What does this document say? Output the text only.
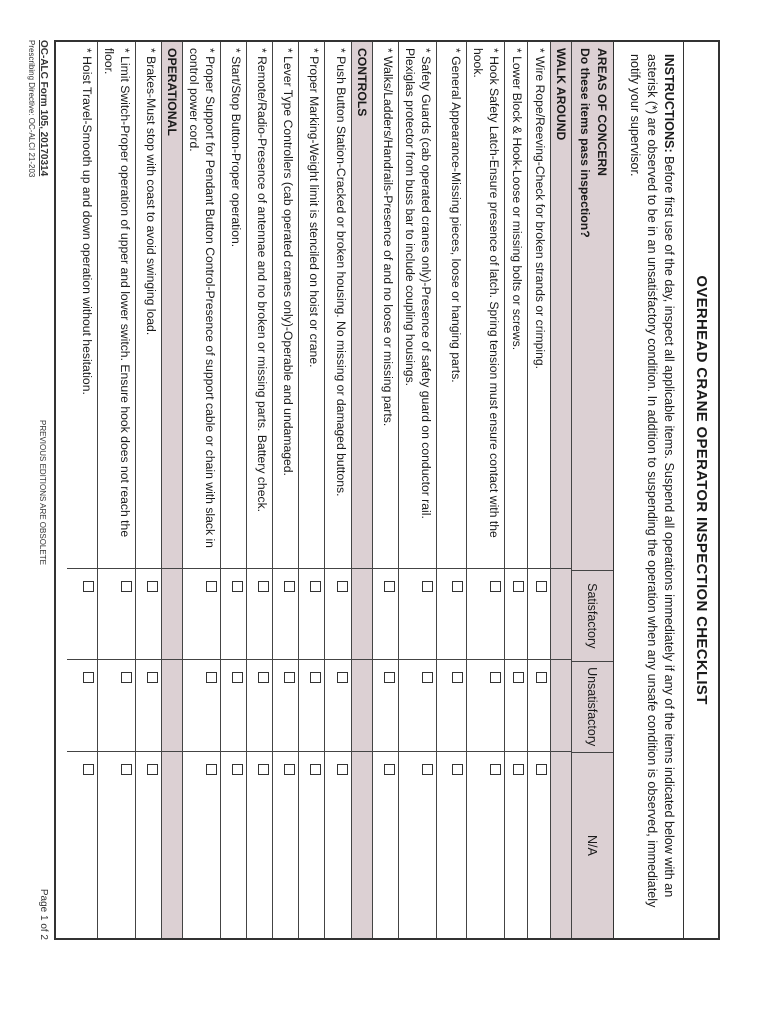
OVERHEAD CRANE OPERATOR INSPECTION CHECKLIST
INSTRUCTIONS: Before first use of the day, inspect all applicable items. Suspend all operations immediately if any of the items indicated below with an asterisk (*) are observed to be in an unsatisfactory condition. In addition to suspending the operation when any unsafe condition is observed, immediately notify your supervisor.
AREAS OF CONCERN
Do these items pass inspection?
Satisfactory
Unsatisfactory
N/A
WALK AROUND
* Wire Rope/Reeving-Check for broken strands or crimping.
* Lower Block & Hook-Loose or missing bolts or screws.
* Hook Safety Latch-Ensure presence of latch. Spring tension must ensure contact with the hook.
* General Appearance-Missing pieces, loose or hanging parts.
* Safety Guards (cab operated cranes only)-Presence of safety guard on conductor rail. Plexiglas protector from buss bar to include coupling housings.
* Walks/Ladders/Handrails-Presence of and no loose or missing parts.
CONTROLS
* Push Button Station-Cracked or broken housing. No missing or damaged buttons.
* Proper Marking-Weight limit is stenciled on hoist or crane.
* Lever Type Controllers (cab operated cranes only)-Operable and undamaged.
* Remote/Radio-Presence of antennae and no broken or missing parts. Battery check.
* Start/Stop Button-Proper operation.
* Proper Support for Pendant Button Control-Presence of support cable or chain with slack in control power cord.
OPERATIONAL
* Brakes-Must stop with coast to avoid swinging load.
* Limit Switch-Proper operation of upper and lower switch. Ensure hook does not reach the floor.
* Hoist Travel-Smooth up and down operation without hesitation.
OC-ALC Form 105, 20170314
Prescribing Directive: OC-ALCI 21-203
PREVIOUS EDITIONS ARE OBSOLETE
Page 1 of 2
